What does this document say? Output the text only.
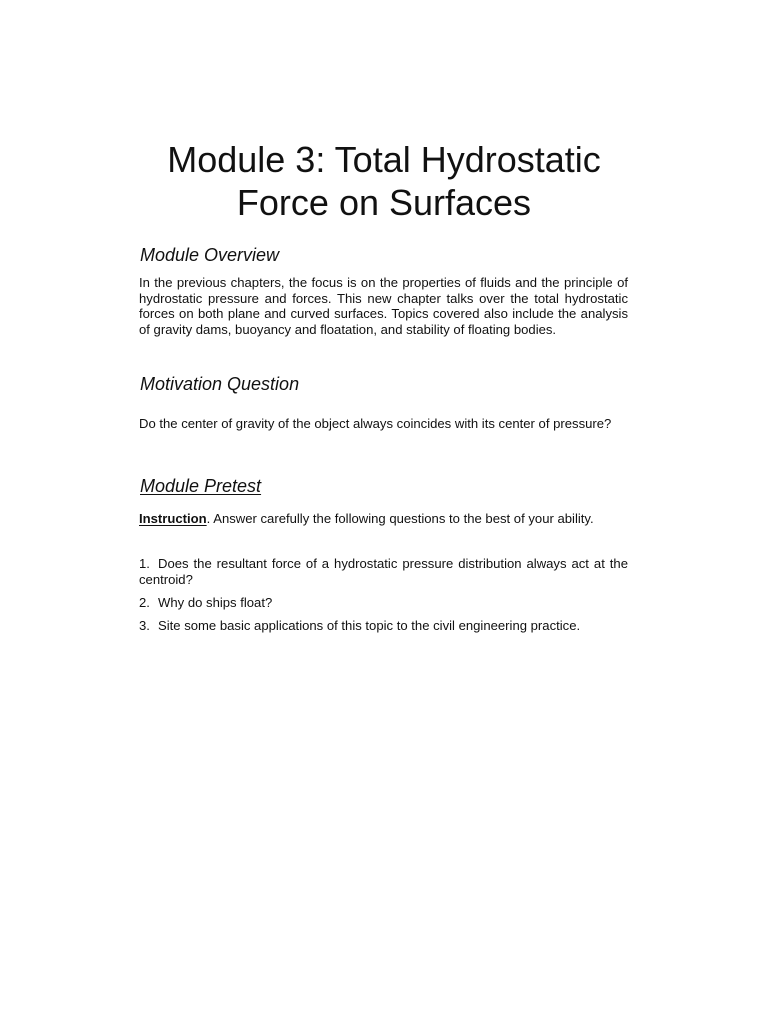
Module 3: Total Hydrostatic
Force on Surfaces
Module Overview

In the previous chapters, the focus is on the properties of fluids and the principle of hydrostatic pressure and forces. This new chapter talks over the total hydrostatic forces on both plane and curved surfaces. Topics covered also include the analysis of gravity dams, buoyancy and floatation, and stability of floating bodies.

Motivation Question

Do the center of gravity of the object always coincides with its center of pressure?

Module Pretest

Instruction. Answer carefully the following questions to the best of your ability.

1. Does the resultant force of a hydrostatic pressure distribution always act at the centroid?

2. Why do ships float?

3. Site some basic applications of this topic to the civil engineering practice.
